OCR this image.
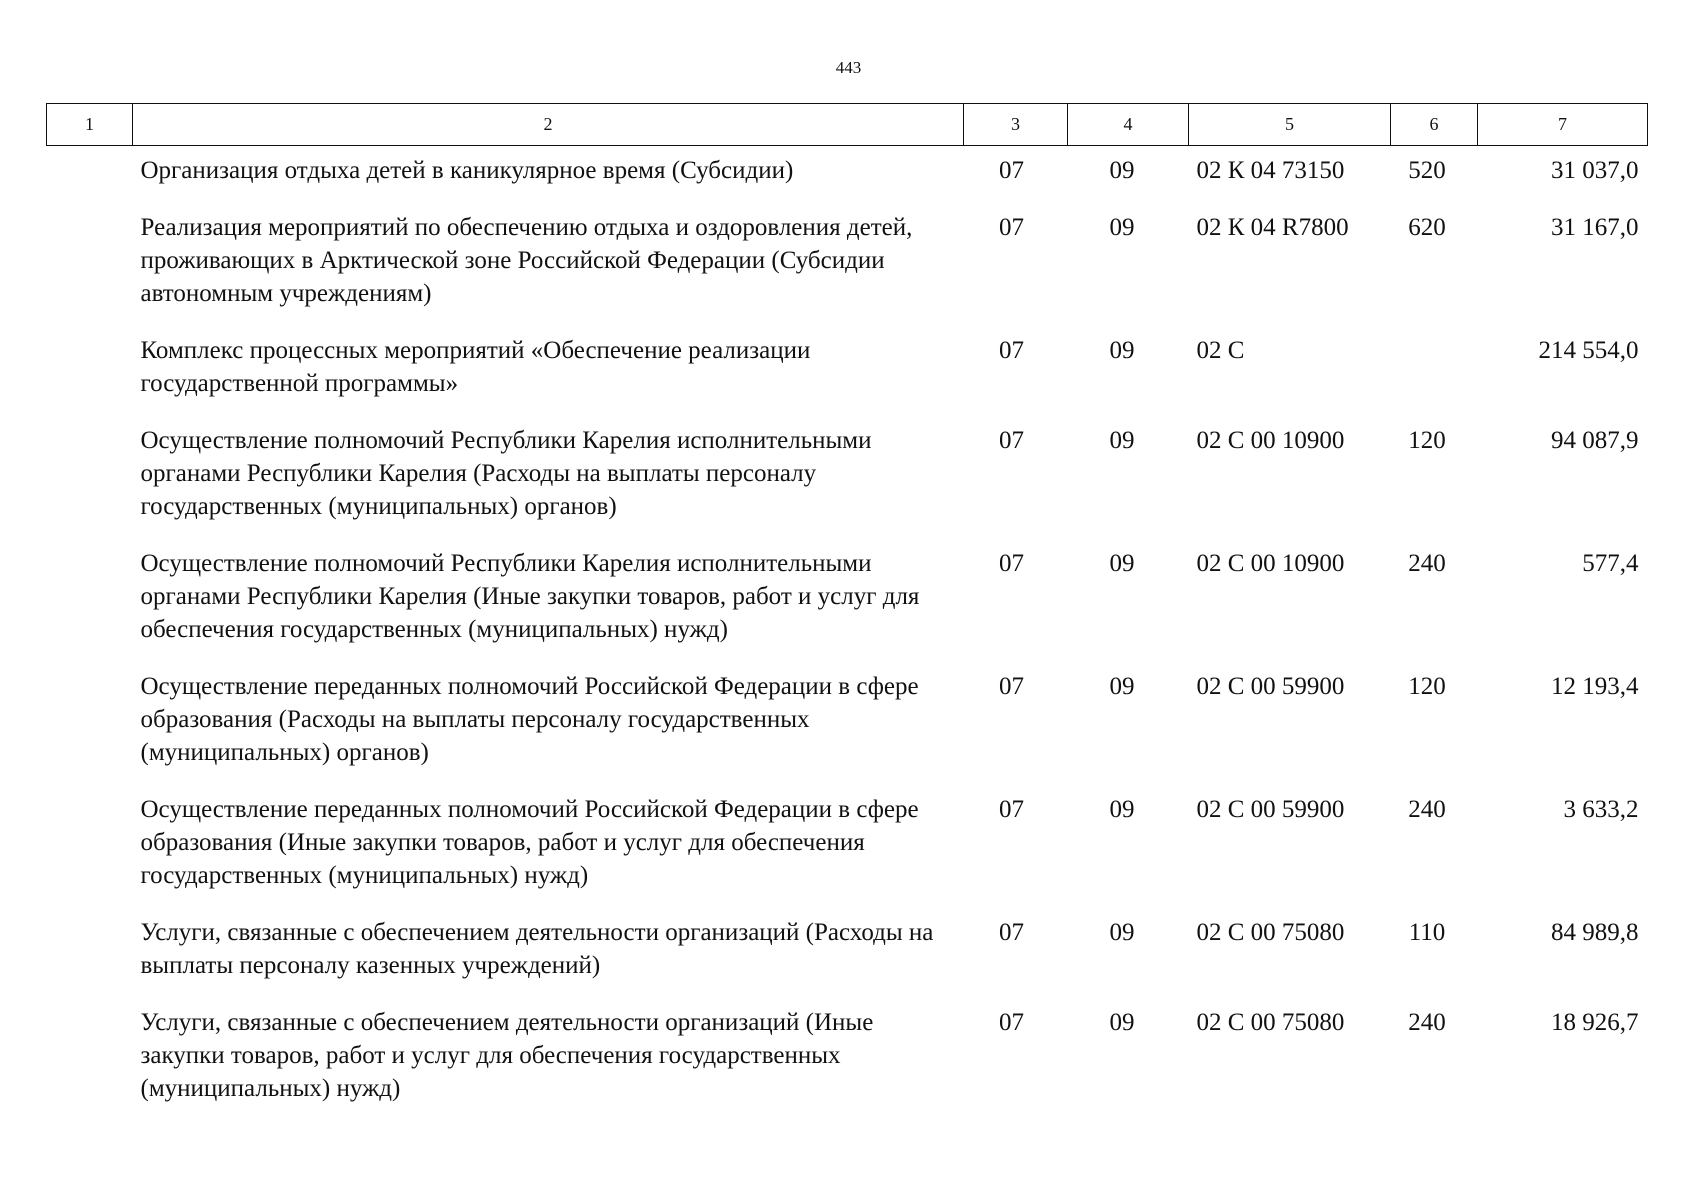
443
1	2	3	4	5	6	7
	Организация отдыха детей в каникулярное время (Субсидии)	07	09	02 К 04 73150	520	31 037,0
	Реализация мероприятий по обеспечению отдыха и оздоровления детей, проживающих в Арктической зоне Российской Федерации (Субсидии автономным учреждениям)	07	09	02 К 04 R7800	620	31 167,0
	Комплекс процессных мероприятий «Обеспечение реализации государственной программы»	07	09	02 С		214 554,0
	Осуществление полномочий Республики Карелия исполнительными органами Республики Карелия (Расходы на выплаты персоналу государственных (муниципальных) органов)	07	09	02 С 00 10900	120	94 087,9
	Осуществление полномочий Республики Карелия исполнительными органами Республики Карелия (Иные закупки товаров, работ и услуг для обеспечения государственных (муниципальных) нужд)	07	09	02 С 00 10900	240	577,4
	Осуществление переданных полномочий Российской Федерации в сфере образования (Расходы на выплаты персоналу государственных (муниципальных) органов)	07	09	02 С 00 59900	120	12 193,4
	Осуществление переданных полномочий Российской Федерации в сфере образования (Иные закупки товаров, работ и услуг для обеспечения государственных (муниципальных) нужд)	07	09	02 С 00 59900	240	3 633,2
	Услуги, связанные с обеспечением деятельности организаций (Расходы на выплаты персоналу казенных учреждений)	07	09	02 С 00 75080	110	84 989,8
	Услуги, связанные с обеспечением деятельности организаций (Иные закупки товаров, работ и услуг для обеспечения государственных (муниципальных) нужд)	07	09	02 С 00 75080	240	18 926,7
